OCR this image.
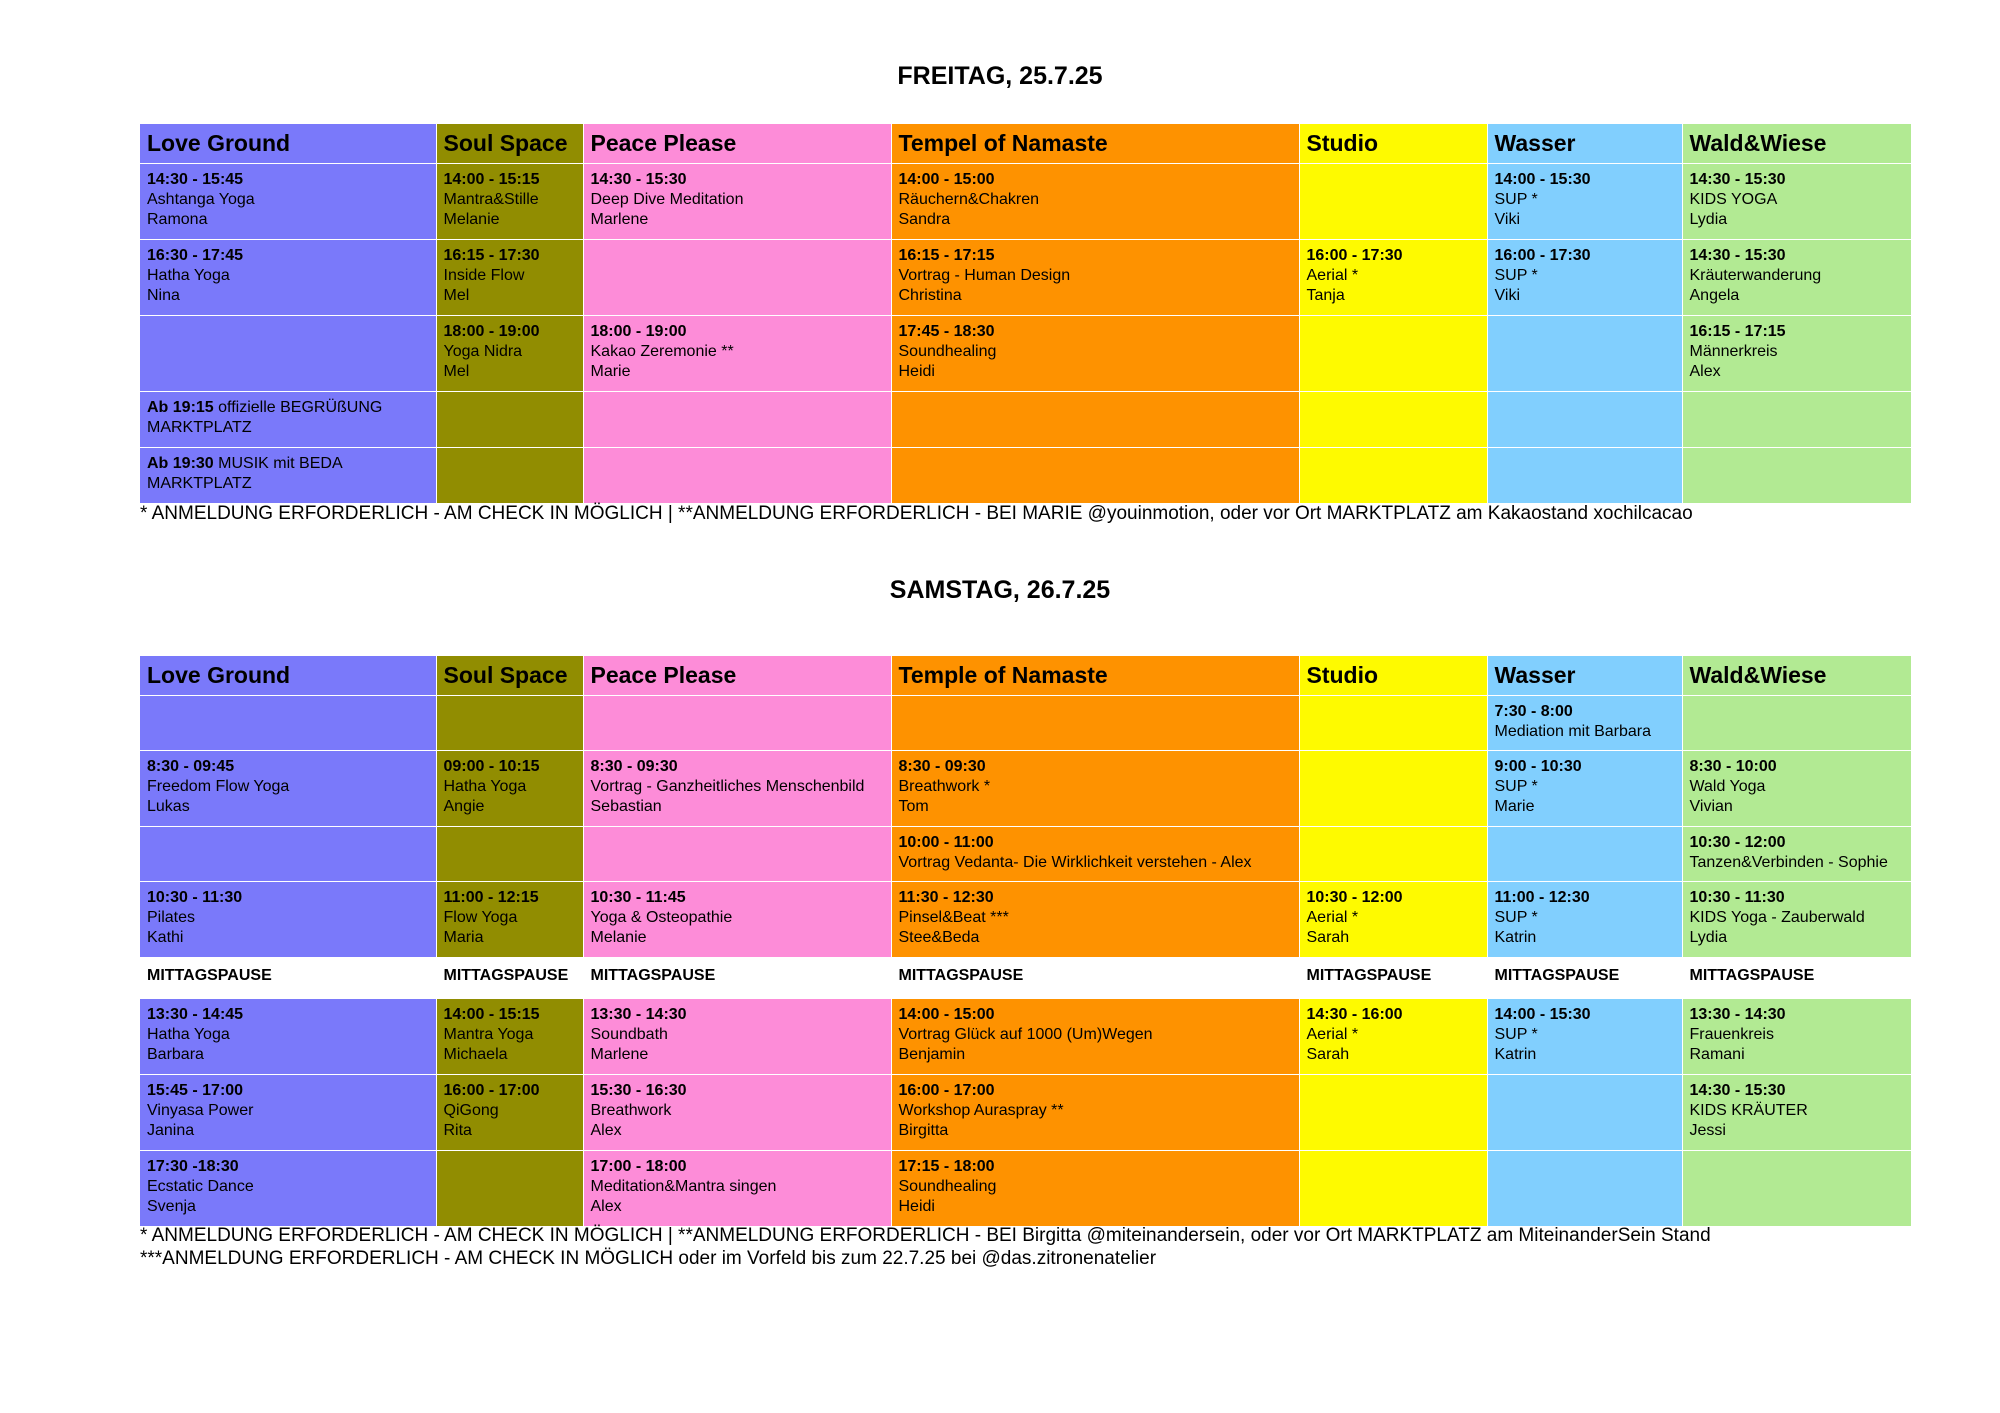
FREITAG, 25.7.25
Love Ground	Soul Space	Peace Please	Tempel of Namaste	Studio	Wasser	Wald&Wiese

14:30 - 15:45
Ashtanga Yoga
Ramona	14:00 - 15:15
Mantra&Stille
Melanie	14:30 - 15:30
Deep Dive Meditation
Marlene	14:00 - 15:00
Räuchern&Chakren
Sandra		14:00 - 15:30
SUP *
Viki	14:30 - 15:30
KIDS YOGA
Lydia

16:30 - 17:45
Hatha Yoga
Nina	16:15 - 17:30
Inside Flow
Mel		16:15 - 17:15
Vortrag - Human Design
Christina	16:00 - 17:30
Aerial *
Tanja	16:00 - 17:30
SUP *
Viki	14:30 - 15:30
Kräuterwanderung
Angela

	18:00 - 19:00
Yoga Nidra
Mel	18:00 - 19:00
Kakao Zeremonie **
Marie	17:45 - 18:30
Soundhealing
Heidi			16:15 - 17:15
Männerkreis
Alex

Ab 19:15 offizielle BEGRÜßUNG
MARKTPLATZ						

Ab 19:30 MUSIK mit BEDA
MARKTPLATZ						

* ANMELDUNG ERFORDERLICH - AM CHECK IN MÖGLICH | **ANMELDUNG ERFORDERLICH - BEI MARIE @youinmotion, oder vor Ort MARKTPLATZ am Kakaostand xochilcacao
SAMSTAG, 26.7.25
Love Ground	Soul Space	Peace Please	Temple of Namaste	Studio	Wasser	Wald&Wiese

					7:30 - 8:00
Mediation mit Barbara	

8:30 - 09:45
Freedom Flow Yoga
Lukas	09:00 - 10:15
Hatha Yoga
Angie	8:30 - 09:30
Vortrag - Ganzheitliches Menschenbild
Sebastian	8:30 - 09:30
Breathwork *
Tom		9:00 - 10:30
SUP *
Marie	8:30 - 10:00
Wald Yoga
Vivian

			10:00 - 11:00
Vortrag Vedanta- Die Wirklichkeit verstehen - Alex			10:30 - 12:00
Tanzen&Verbinden - Sophie

10:30 - 11:30
Pilates
Kathi	11:00 - 12:15
Flow Yoga
Maria	10:30 - 11:45
Yoga & Osteopathie
Melanie	11:30 - 12:30
Pinsel&Beat ***
Stee&Beda	10:30 - 12:00
Aerial *
Sarah	11:00 - 12:30
SUP *
Katrin	10:30 - 11:30
KIDS Yoga - Zauberwald
Lydia

MITTAGSPAUSE	MITTAGSPAUSE	MITTAGSPAUSE	MITTAGSPAUSE	MITTAGSPAUSE	MITTAGSPAUSE	MITTAGSPAUSE

13:30 - 14:45
Hatha Yoga
Barbara	14:00 - 15:15
Mantra Yoga
Michaela	13:30 - 14:30
Soundbath
Marlene	14:00 - 15:00
Vortrag Glück auf 1000 (Um)Wegen
Benjamin	14:30 - 16:00
Aerial *
Sarah	14:00 - 15:30
SUP *
Katrin	13:30 - 14:30
Frauenkreis
Ramani

15:45 - 17:00
Vinyasa Power
Janina	16:00 - 17:00
QiGong
Rita	15:30 - 16:30
Breathwork
Alex	16:00 - 17:00
Workshop Auraspray **
Birgitta			14:30 - 15:30
KIDS KRÄUTER
Jessi

17:30 -18:30
Ecstatic Dance
Svenja		17:00 - 18:00
Meditation&Mantra singen
Alex	17:15 - 18:00
Soundhealing
Heidi			

* ANMELDUNG ERFORDERLICH - AM CHECK IN MÖGLICH | **ANMELDUNG ERFORDERLICH - BEI Birgitta @miteinandersein, oder vor Ort MARKTPLATZ am MiteinanderSein Stand
***ANMELDUNG ERFORDERLICH - AM CHECK IN MÖGLICH oder im Vorfeld bis zum 22.7.25 bei @das.zitronenatelier
